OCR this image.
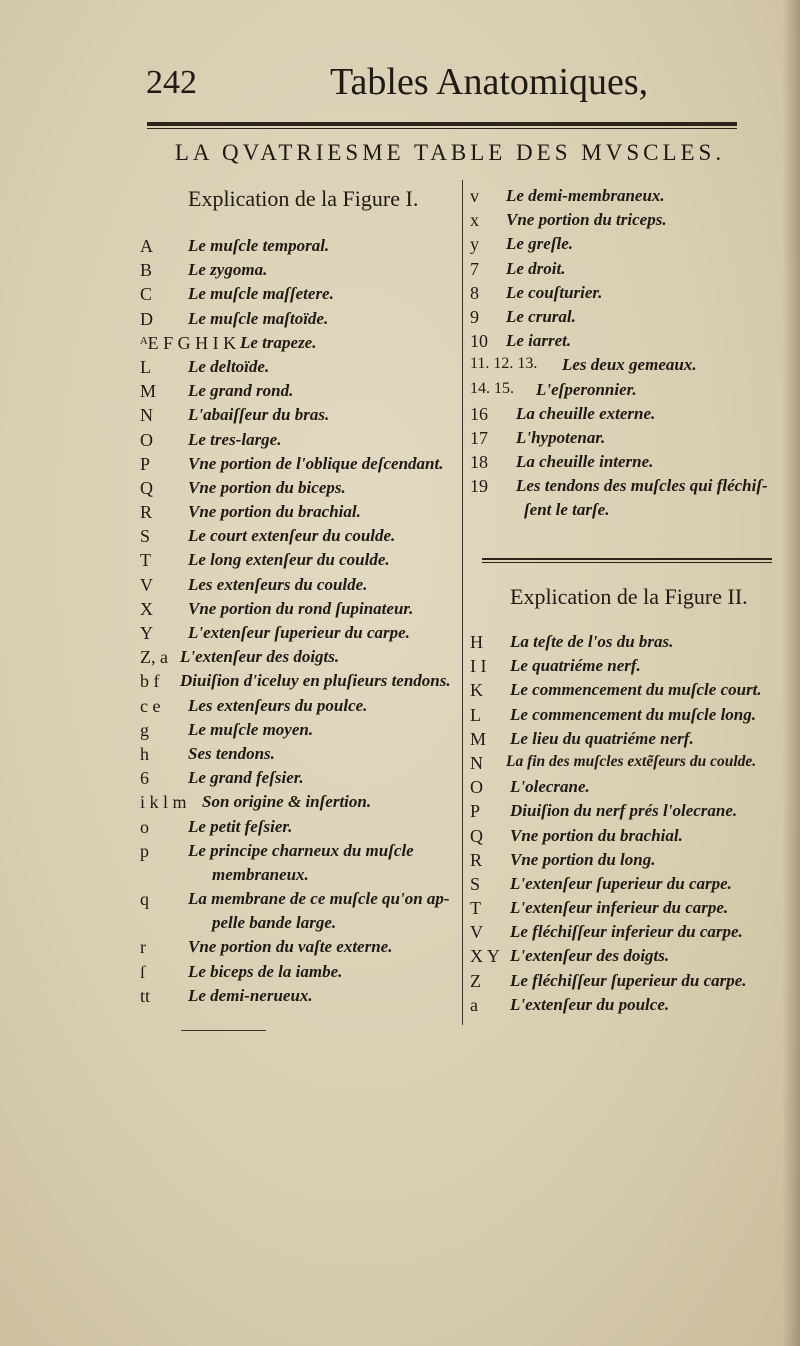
242	Tables Anatomiques,
LA QVATRIESME TABLE DES MVSCLES.
Explication de la Figure I.
A Le muſcle temporal.
B Le zygoma.
C Le muſcle maſſetere.
D Le muſcle maſtoïde.
ᴬE F G H I K Le trapeze.
L Le deltoïde.
M Le grand rond.
N L'abaiſſeur du bras.
O Le tres-large.
P Vne portion de l'oblique deſcendant.
Q Vne portion du biceps.
R Vne portion du brachial.
S Le court extenſeur du coulde.
T Le long extenſeur du coulde.
V Les extenſeurs du coulde.
X Vne portion du rond ſupinateur.
Y L'extenſeur ſuperieur du carpe.
Z, a L'extenſeur des doigts.
b f Diuiſion d'iceluy en pluſieurs tendons.
c e Les extenſeurs du poulce.
g Le muſcle moyen.
h Ses tendons.
6 Le grand feſsier.
i k l m Son origine & inſertion.
o Le petit feſsier.
p Le principe charneux du muſcle
membraneux.
q La membrane de ce muſcle qu'on ap-
pelle bande large.
r Vne portion du vaſte externe.
ſ	Le biceps de la iambe.
tt Le demi-nerueux.
v Le demi-membraneux.
x Vne portion du triceps.
y Le greſle.
7 Le droit.
8 Le couſturier.
9 Le crural.
10 Le iarret.
11. 12. 13. Les deux gemeaux.
14. 15. L'eſperonnier.
16 La cheuille externe.
17 L'hypotenar.
18 La cheuille interne.
19 Les tendons des muſcles qui fléchiſ-
ſent le tarſe.
Explication de la Figure II.
H La teſte de l'os du bras.
I I Le quatriéme nerf.
K Le commencement du muſcle court.
L Le commencement du muſcle long.
M Le lieu du quatriéme nerf.
N La fin des muſcles extẽſeurs du coulde.
O L'olecrane.
P Diuiſion du nerf prés l'olecrane.
Q Vne portion du brachial.
R Vne portion du long.
S L'extenſeur ſuperieur du carpe.
T L'extenſeur inferieur du carpe.
V Le fléchiſſeur inferieur du carpe.
X Y L'extenſeur des doigts.
Z Le fléchiſſeur ſuperieur du carpe.
a L'extenſeur du poulce.
